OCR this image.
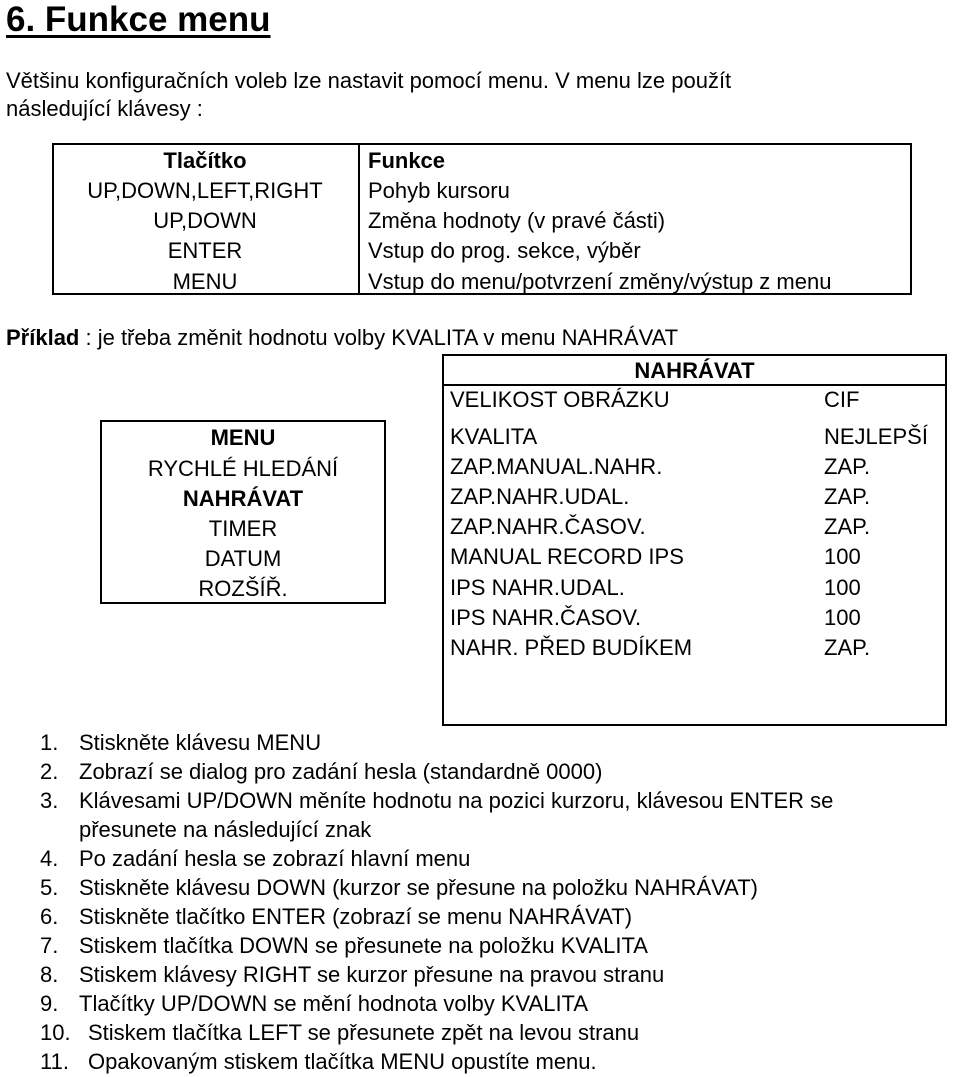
6. Funkce menu
Většinu konfiguračních voleb lze nastavit pomocí menu. V menu lze použít
následující klávesy :
Tlačítko	Funkce
UP,DOWN,LEFT,RIGHT	Pohyb kursoru
UP,DOWN	Změna hodnoty (v pravé části)
ENTER	Vstup do prog. sekce, výběr
MENU	Vstup do menu/potvrzení změny/výstup z menu
Příklad : je třeba změnit hodnotu volby KVALITA v menu NAHRÁVAT
NAHRÁVAT
VELIKOST OBRÁZKU	CIF
KVALITA	NEJLEPŠÍ
ZAP.MANUAL.NAHR.	ZAP.
ZAP.NAHR.UDAL.	ZAP.
ZAP.NAHR.ČASOV.	ZAP.
MANUAL RECORD IPS	100
IPS NAHR.UDAL.	100
IPS NAHR.ČASOV.	100
NAHR. PŘED BUDÍKEM	ZAP.
MENU
RYCHLÉ HLEDÁNÍ
NAHRÁVAT
TIMER
DATUM
ROZŠÍŘ.
1. Stiskněte klávesu MENU
2. Zobrazí se dialog pro zadání hesla (standardně 0000)
3. Klávesami UP/DOWN měníte hodnotu na pozici kurzoru, klávesou ENTER se
přesunete na následující znak
4. Po zadání hesla se zobrazí hlavní menu
5. Stiskněte klávesu DOWN (kurzor se přesune na položku NAHRÁVAT)
6. Stiskněte tlačítko ENTER (zobrazí se menu NAHRÁVAT)
7. Stiskem tlačítka DOWN se přesunete na položku KVALITA
8. Stiskem klávesy RIGHT se kurzor přesune na pravou stranu
9. Tlačítky UP/DOWN se mění hodnota volby KVALITA
10. Stiskem tlačítka LEFT se přesunete zpět na levou stranu
11. Opakovaným stiskem tlačítka MENU opustíte menu.
